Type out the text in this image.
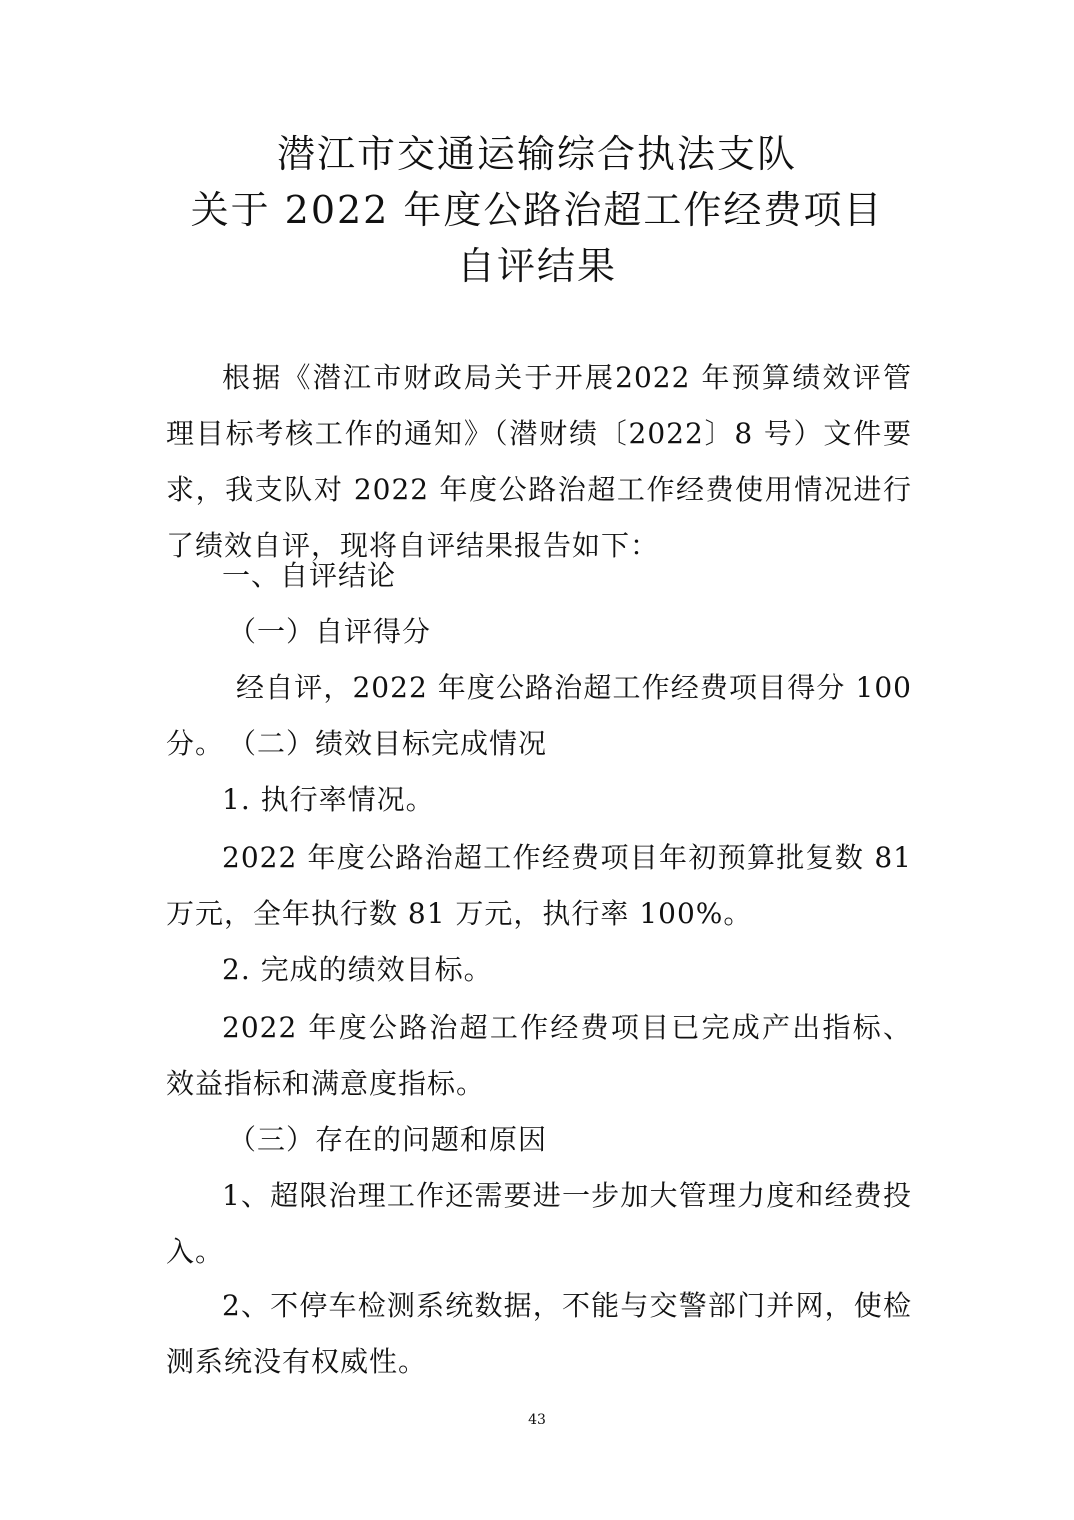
潜江市交通运输综合执法支队
关于 2022 年度公路治超工作经费项目
自评结果
根据《潜江市财政局关于开展2022 年预算绩效评管理目标考核工作的通知》（潜财绩〔2022〕8 号）文件要求，我支队对 2022 年度公路治超工作经费使用情况进行了绩效自评，现将自评结果报告如下：
一、自评结论
（一）自评得分
经自评，2022 年度公路治超工作经费项目得分 100 分。 （二）绩效目标完成情况
1. 执行率情况。
2022 年度公路治超工作经费项目年初预算批复数 81 万元，全年执行数 81 万元，执行率 100%。
2. 完成的绩效目标。
2022 年度公路治超工作经费项目已完成产出指标、效益指标和满意度指标。
（三）存在的问题和原因
1、超限治理工作还需要进一步加大管理力度和经费投入。
2、不停车检测系统数据，不能与交警部门并网，使检测系统没有权威性。
43
